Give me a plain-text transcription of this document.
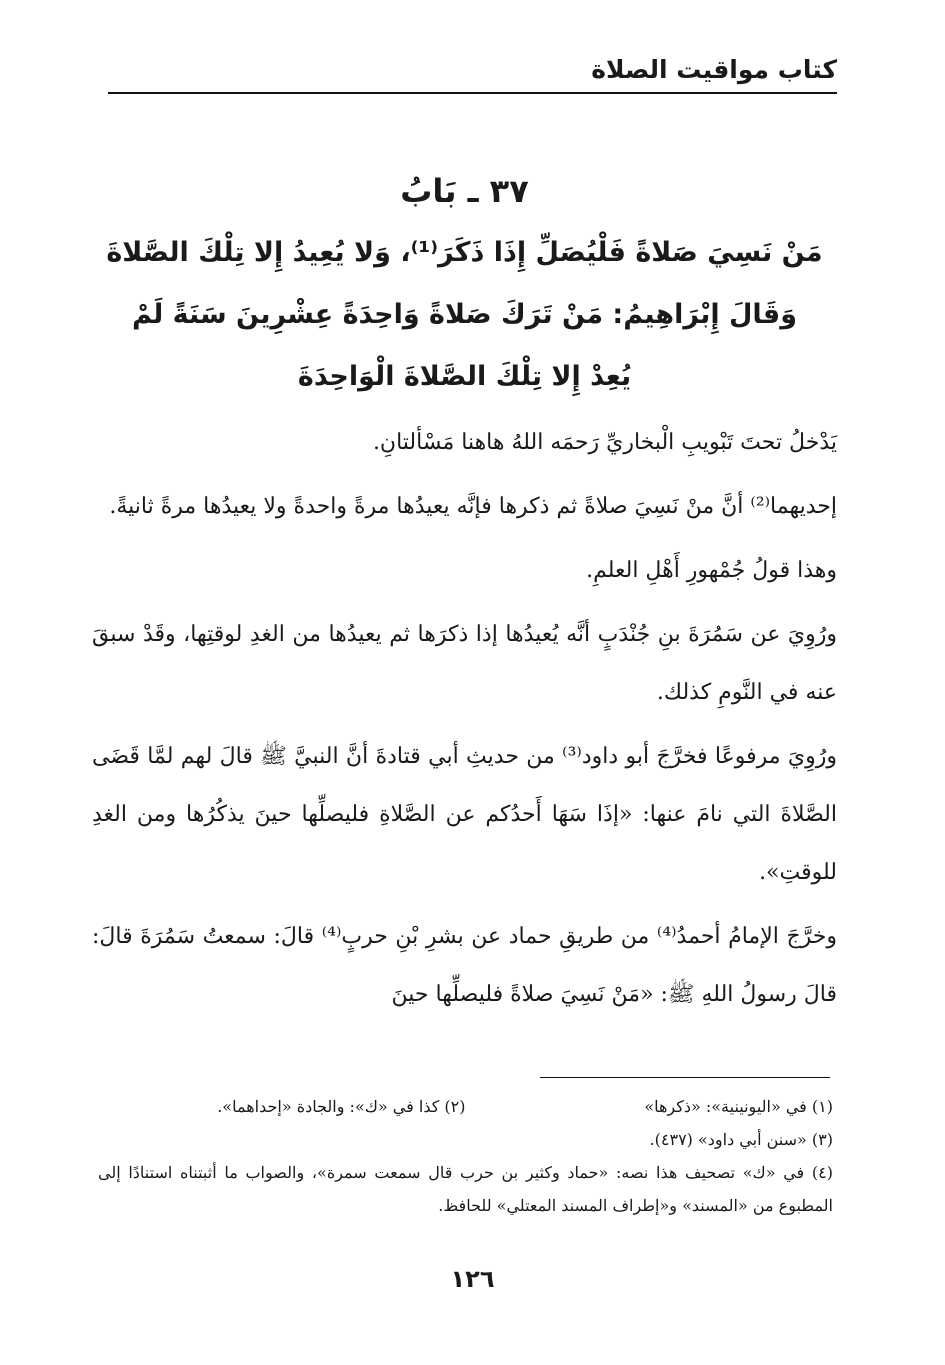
كتاب مواقيت الصلاة
٣٧ ـ بَابُ
مَنْ نَسِيَ صَلاةً فَلْيُصَلِّ إِذَا ذَكَرَ⁽¹⁾، وَلا يُعِيدُ إِلا تِلْكَ الصَّلاةَ
وَقَالَ إِبْرَاهِيمُ: مَنْ تَرَكَ صَلاةً وَاحِدَةً عِشْرِينَ سَنَةً لَمْ
يُعِدْ إِلا تِلْكَ الصَّلاةَ الْوَاحِدَةَ

يَدْخلُ تحتَ تَبْويبِ الْبخاريِّ رَحمَه اللهُ هاهنا مَسْألتانِ.

إحديهما⁽²⁾ أنَّ منْ نَسِيَ صلاةً ثم ذكرها فإنَّه يعيدُها مرةً واحدةً ولا يعيدُها مرةً ثانيةً.

وهذا قولُ جُمْهورِ أَهْلِ العلمِ.

ورُوِيَ عن سَمُرَةَ بنِ جُنْدَبٍ أنَّه يُعيدُها إذا ذكرَها ثم يعيدُها من الغدِ لوقتِها، وقَدْ سبقَ عنه في النَّومِ كذلك.

ورُوِيَ مرفوعًا فخرَّجَ أبو داود⁽³⁾ من حديثِ أبي قتادةَ أنَّ النبيَّ ﷺ قالَ لهم لمَّا قَضَى الصَّلاةَ التي نامَ عنها: «إذَا سَهَا أَحدُكم عن الصَّلاةِ فليصلِّها حينَ يذكُرُها ومن الغدِ للوقتِ».

وخرَّجَ الإمامُ أحمدُ⁽⁴⁾ من طريقِ حماد عن بشرِ بْنِ حربٍ⁽⁴⁾ قالَ: سمعتُ سَمُرَةَ قالَ: قالَ رسولُ اللهِ ﷺ: «مَنْ نَسِيَ صلاةً فليصلِّها حينَ

(١) في «اليونينية»: «ذكرها»
(٢) كذا في «ك»: والجادة «إحداهما».
(٣) «سنن أبي داود» (٤٣٧).
(٤) في «ك» تصحيف هذا نصه: «حماد وكثير بن حرب قال سمعت سمرة»، والصواب ما أثبتناه استنادًا إلى المطبوع من «المسند» و«إطراف المسند المعتلي» للحافظ.
١٢٦
